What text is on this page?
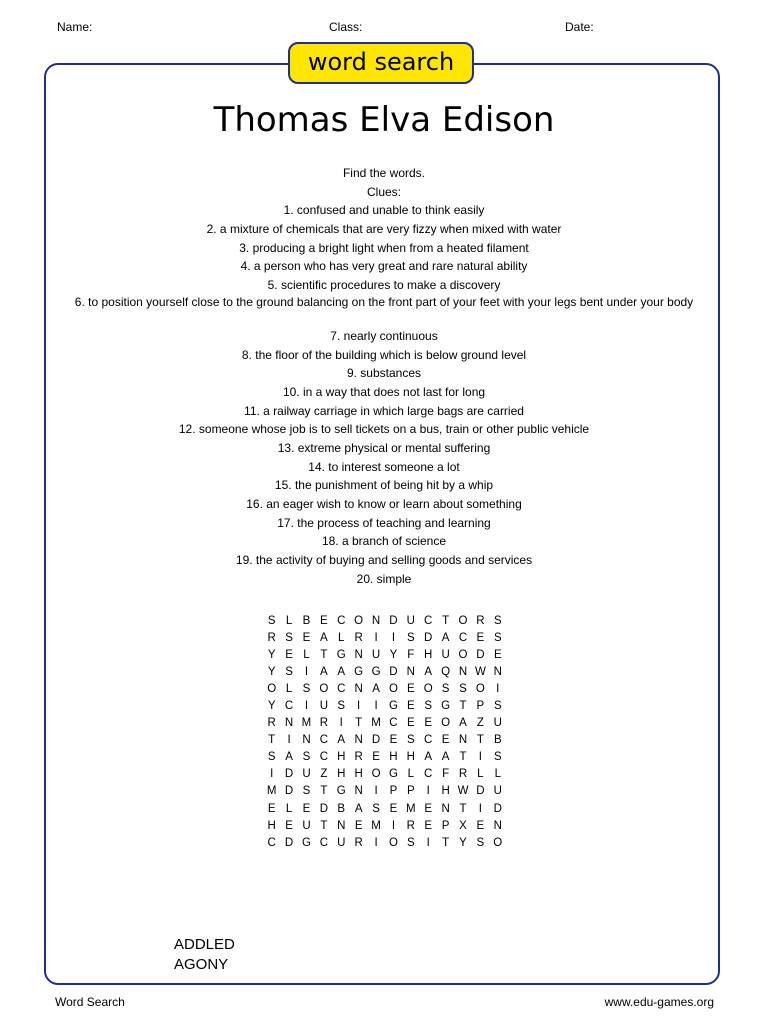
Name:	Class:	Date:
word search
Thomas Elva Edison
Find the words.
Clues:
1. confused and unable to think easily
2. a mixture of chemicals that are very fizzy when mixed with water
3. producing a bright light when from a heated filament
4. a person who has very great and rare natural ability
5. scientific procedures to make a discovery
6. to position yourself close to the ground balancing on the front part of your feet with your legs bent under your body
7. nearly continuous
8. the floor of the building which is below ground level
9. substances
10. in a way that does not last for long
11. a railway carriage in which large bags are carried
12. someone whose job is to sell tickets on a bus, train or other public vehicle
13. extreme physical or mental suffering
14. to interest someone a lot
15. the punishment of being hit by a whip
16. an eager wish to know or learn about something
17. the process of teaching and learning
18. a branch of science
19. the activity of buying and selling goods and services
20. simple
S	L	B	E	C	O	N	D	U	C	T	O	R	S
R	S	E	A	L	R	I	I	S	D	A	C	E	S
Y	E	L	T	G	N	U	Y	F	H	U	O	D	E
Y	S	I	A	A	G	G	D	N	A	Q	N	W	N
O	L	S	O	C	N	A	O	E	O	S	S	O	I
Y	C	I	U	S	I	I	G	E	S	G	T	P	S
R	N	M	R	I	T	M	C	E	E	O	A	Z	U
T	I	N	C	A	N	D	E	S	C	E	N	T	B
S	A	S	C	H	R	E	H	H	A	A	T	I	S
I	D	U	Z	H	H	O	G	L	C	F	R	L	L
M	D	S	T	G	N	I	P	P	I	H	W	D	U
E	L	E	D	B	A	S	E	M	E	N	T	I	D
H	E	U	T	N	E	M	I	R	E	P	X	E	N
C	D	G	C	U	R	I	O	S	I	T	Y	S	O
ADDLED
AGONY
Word Search	www.edu-games.org
